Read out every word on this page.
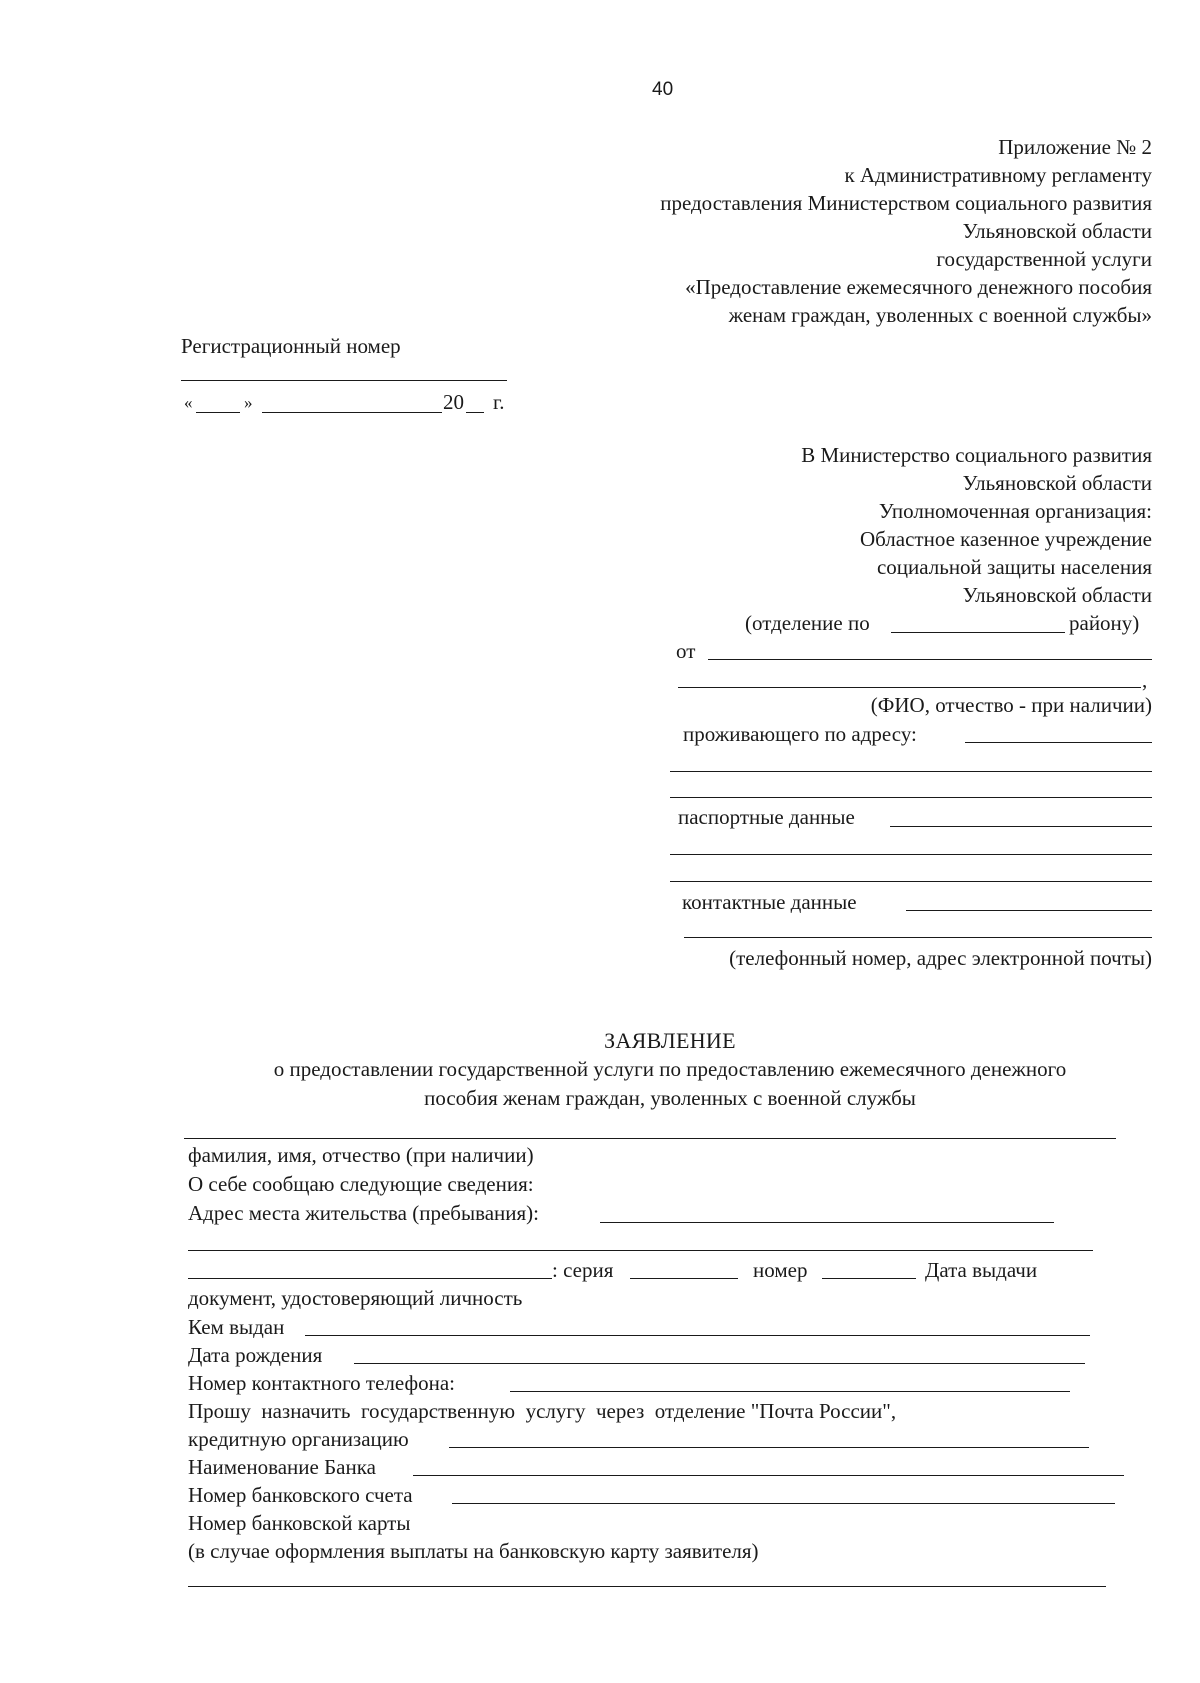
40
Приложение № 2
к Административному регламенту
предоставления Министерством социального развития
Ульяновской области
государственной услуги
«Предоставление ежемесячного денежного пособия
женам граждан, уволенных с военной службы»
Регистрационный номер
«	»	20 г.
В Министерство социального развития
Ульяновской области
Уполномоченная организация:
Областное казенное учреждение
социальной защиты населения
Ульяновской области
(отделение по	району)
от
,
(ФИО, отчество - при наличии)
проживающего по адресу:
паспортные данные
контактные данные
(телефонный номер, адрес электронной почты)
ЗАЯВЛЕНИЕ
о предоставлении государственной услуги по предоставлению ежемесячного денежного
пособия женам граждан, уволенных с военной службы
фамилия, имя, отчество (при наличии)
О себе сообщаю следующие сведения:
Адрес места жительства (пребывания):
: серия	номер	Дата выдачи
документ, удостоверяющий личность
Кем выдан
Дата рождения
Номер контактного телефона:
Прошу  назначить  государственную  услугу  через  отделение "Почта России",
кредитную организацию
Наименование Банка
Номер банковского счета
Номер банковской карты
(в случае оформления выплаты на банковскую карту заявителя)
